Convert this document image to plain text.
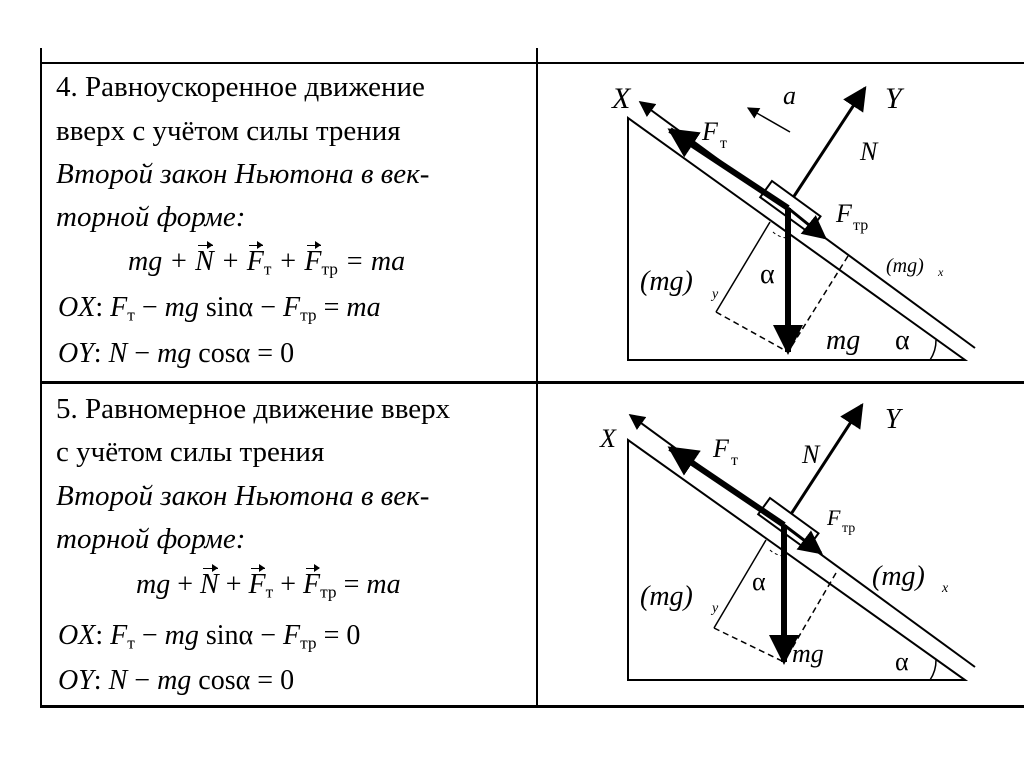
4. Равноускоренное движение
вверх с учётом силы трения
Второй закон Ньютона в век-
торной форме:
mg + $N + F_т + F_{тр}$ = ma
OX: $F_т$ − mg $\sin\alpha - F_{тр}$ = ma
OY: N − mg cosα = 0
5. Равномерное движение вверх
с учётом силы трения
Второй закон Ньютона в век-
торной форме:
mg + $N + F_т + F_{тр}$ = ma
OX: $F_т$ − mg $\sin\alpha - F_{тр} = 0$
OY: N − mg cosα = 0
X	Y
a
F т	N
F тр
(mg) x
(mg) y
α
mg α
X
Y
F т N
F тр
(mg) x
(mg) y
α
mg	α
